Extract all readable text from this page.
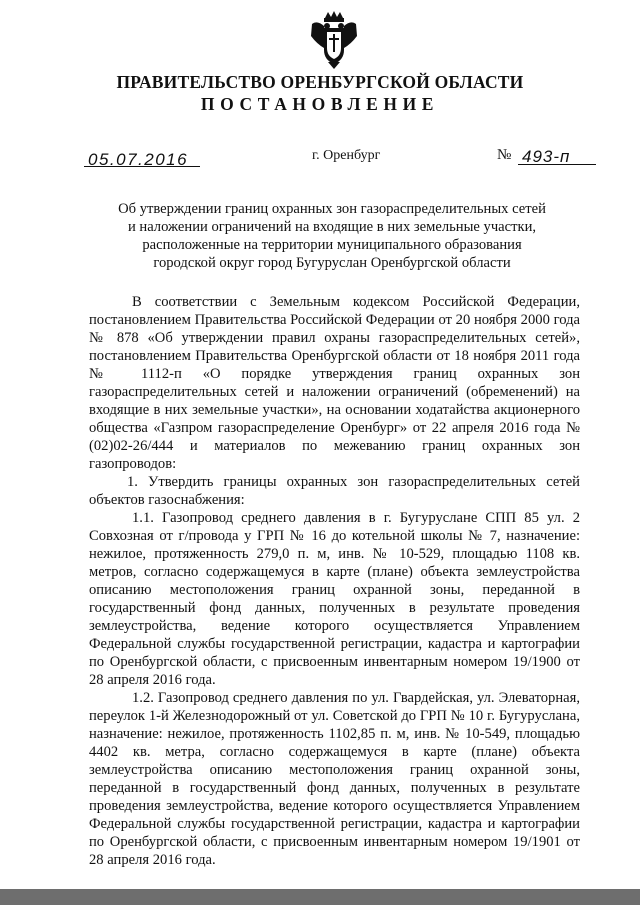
ПРАВИТЕЛЬСТВО ОРЕНБУРГСКОЙ ОБЛАСТИ
ПОСТАНОВЛЕНИЕ
05.07.2016	г. Оренбург	№ 493-п
Об утверждении границ охранных зон газораспределительных сетей
и наложении ограничений на входящие в них земельные участки,
расположенные на территории муниципального образования
городской округ город Бугуруслан Оренбургской области

В соответствии с Земельным кодексом Российской Федерации, постановлением Правительства Российской Федерации от 20 ноября 2000 года № 878 «Об утверждении правил охраны газораспределительных сетей», постановлением Правительства Оренбургской области от 18 ноября 2011 года № 1112-п «О порядке утверждения границ охранных зон газораспределительных сетей и наложении ограничений (обременений) на входящие в них земельные участки», на основании ходатайства акционерного общества «Газпром газораспределение Оренбург» от 22 апреля 2016 года № (02)02-26/444 и материалов по межеванию границ охранных зон газопроводов:

1. Утвердить границы охранных зон газораспределительных сетей объектов газоснабжения:

1.1. Газопровод среднего давления в г. Бугуруслане СПП 85 ул. 2 Совхозная от г/провода у ГРП № 16 до котельной школы № 7, назначение: нежилое, протяженность 279,0 п. м, инв. № 10-529, площадью 1108 кв. метров, согласно содержащемуся в карте (плане) объекта землеустройства описанию местоположения границ охранной зоны, переданной в государственный фонд данных, полученных в результате проведения землеустройства, ведение которого осуществляется Управлением Федеральной службы государственной регистрации, кадастра и картографии по Оренбургской области, с присвоенным инвентарным номером 19/1900 от 28 апреля 2016 года.

1.2. Газопровод среднего давления по ул. Гвардейская, ул. Элеваторная, переулок 1-й Железнодорожный от ул. Советской до ГРП № 10 г. Бугуруслана, назначение: нежилое, протяженность 1102,85 п. м, инв. № 10-549, площадью 4402 кв. метра, согласно содержащемуся в карте (плане) объекта землеустройства описанию местоположения границ охранной зоны, переданной в государственный фонд данных, полученных в результате проведения землеустройства, ведение которого осуществляется Управлением Федеральной службы государственной регистрации, кадастра и картографии по Оренбургской области, с присвоенным инвентарным номером 19/1901 от 28 апреля 2016 года.
